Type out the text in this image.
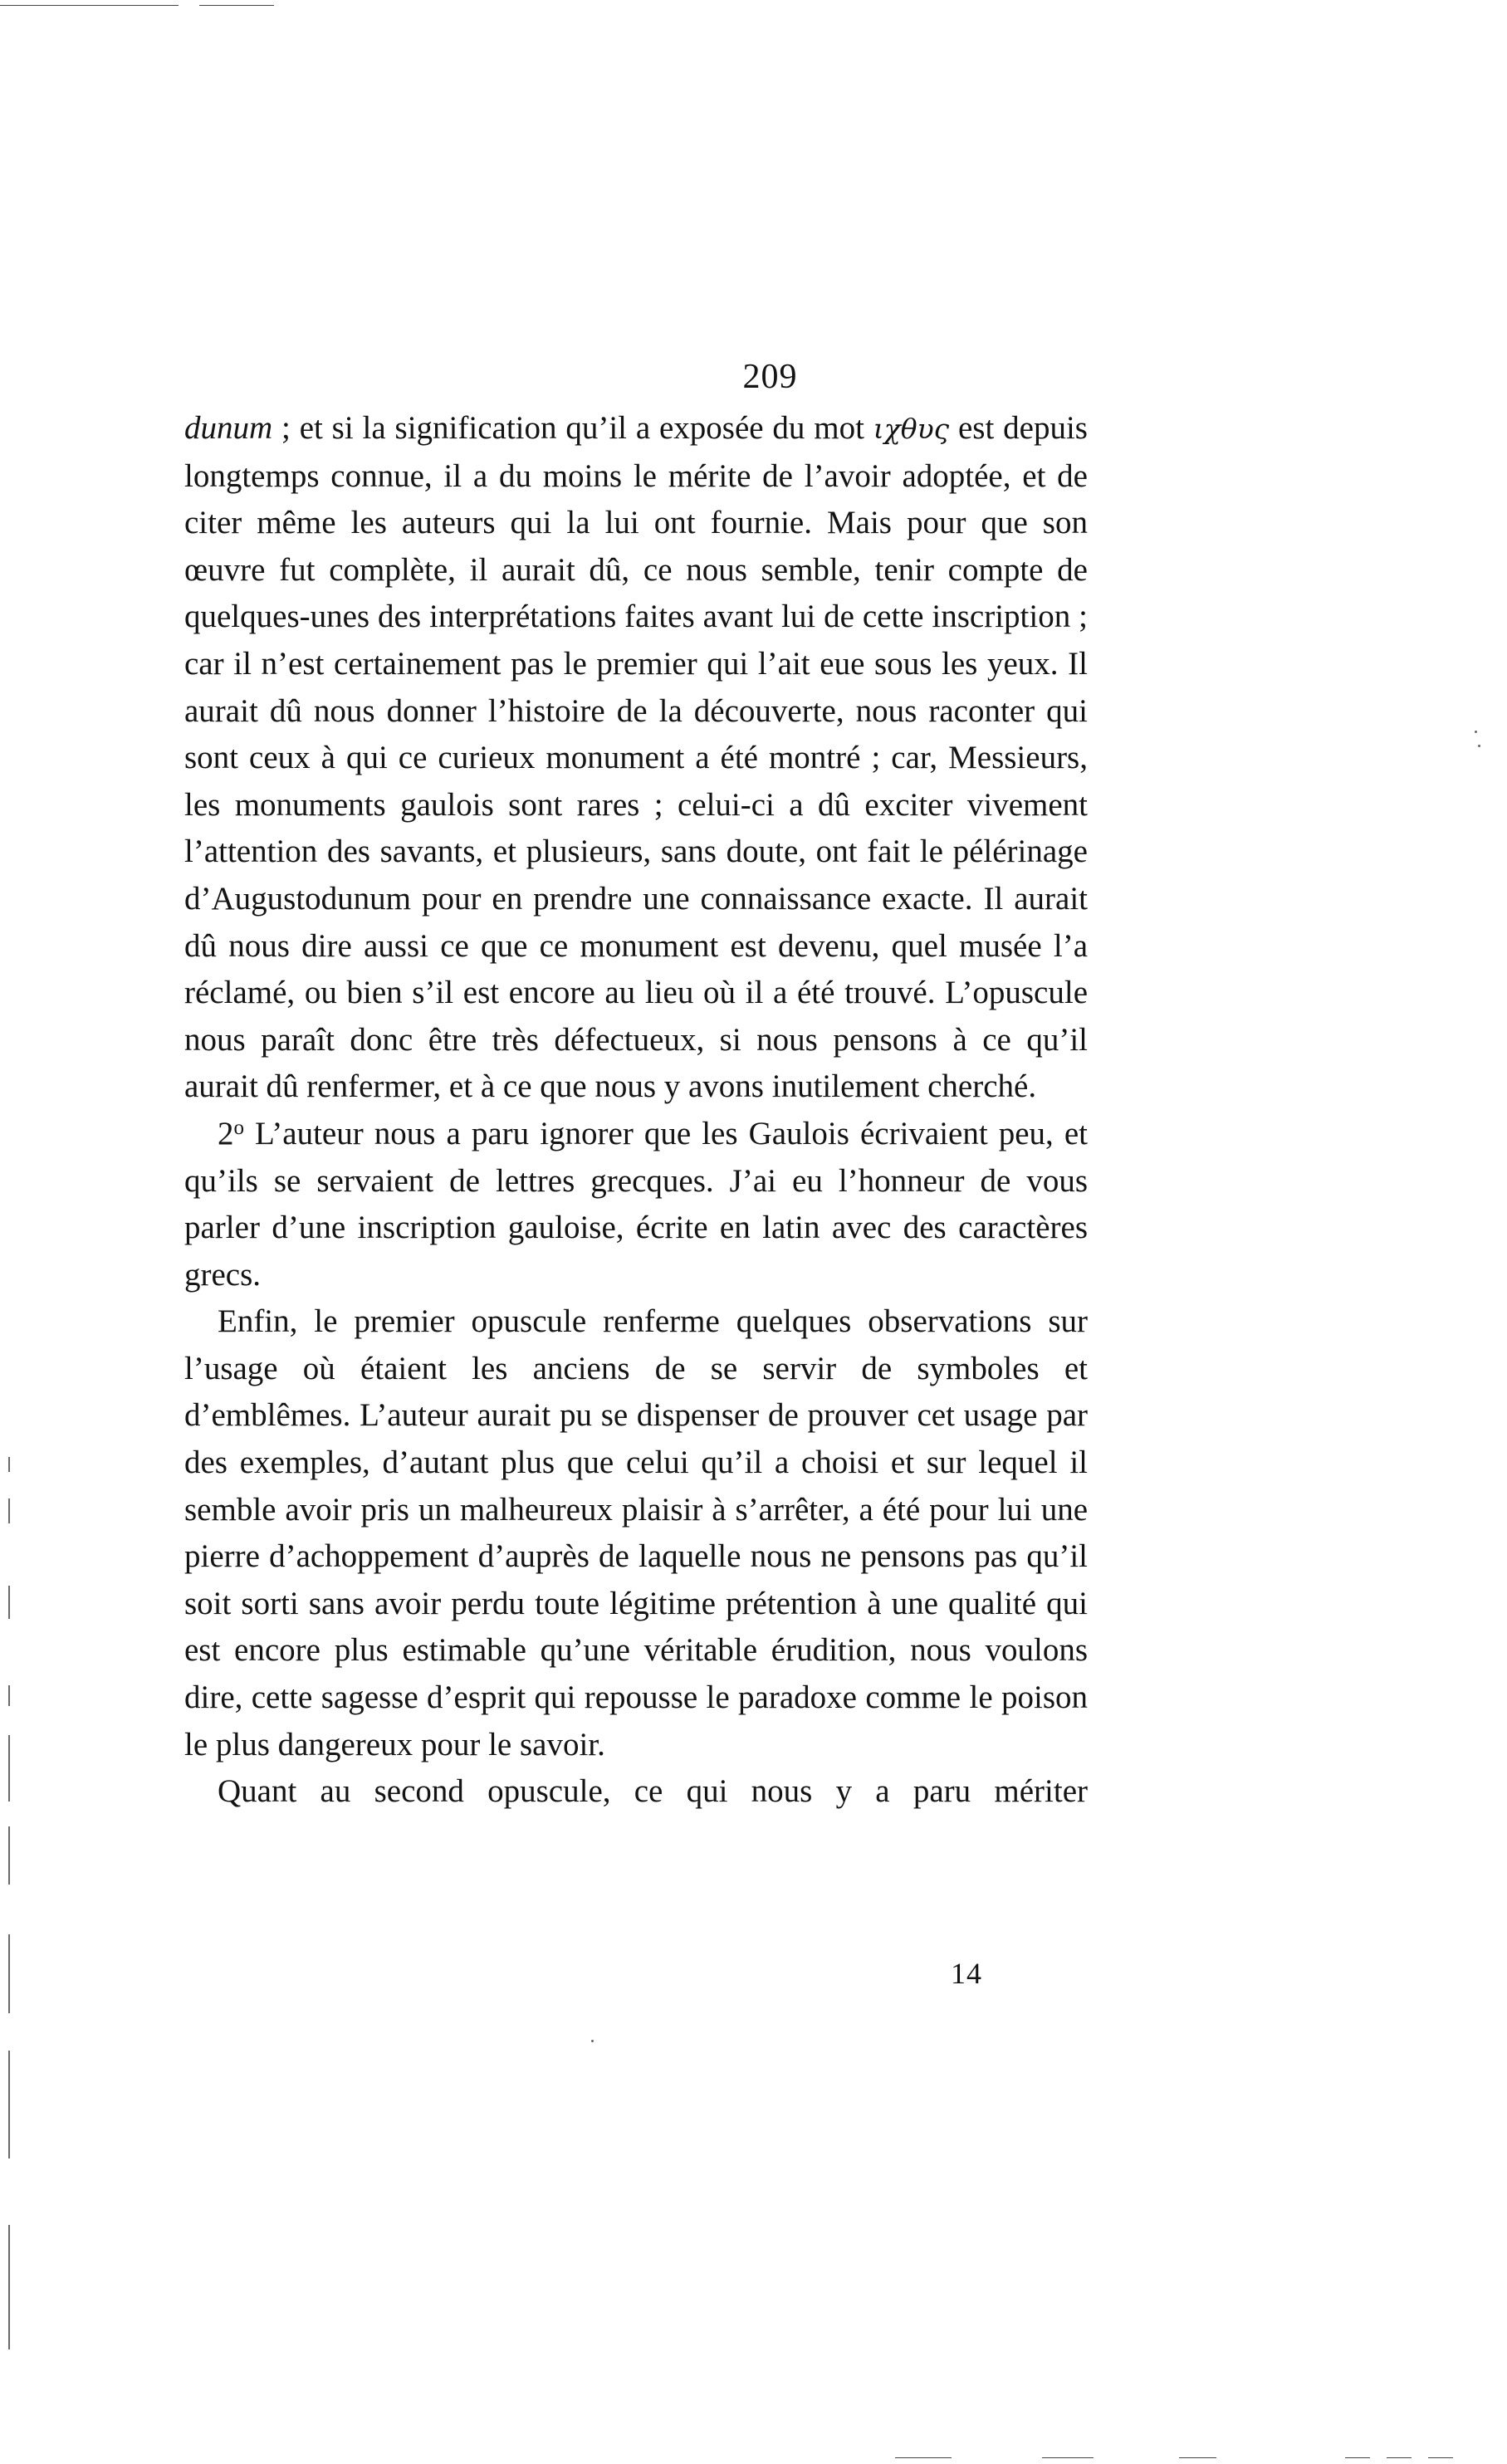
209

dunum ; et si la signification qu’il a exposée du mot ιχθυς est depuis longtemps connue, il a du moins le mérite de l’avoir adoptée, et de citer même les auteurs qui la lui ont fournie. Mais pour que son œuvre fut complète, il aurait dû, ce nous semble, tenir compte de quelques-unes des interprétations faites avant lui de cette inscription ; car il n’est certainement pas le premier qui l’ait eue sous les yeux. Il aurait dû nous donner l’histoire de la découverte, nous raconter qui sont ceux à qui ce curieux monument a été montré ; car, Messieurs, les monuments gaulois sont rares ; celui-ci a dû exciter vivement l’attention des savants, et plusieurs, sans doute, ont fait le pélérinage d’Augustodunum pour en prendre une connaissance exacte. Il aurait dû nous dire aussi ce que ce monument est devenu, quel musée l’a réclamé, ou bien s’il est encore au lieu où il a été trouvé. L’opuscule nous paraît donc être très défectueux, si nous pensons à ce qu’il aurait dû renfermer, et à ce que nous y avons inutilement cherché.

2$^o$ L’auteur nous a paru ignorer que les Gaulois écrivaient peu, et qu’ils se servaient de lettres grecques. J’ai eu l’honneur de vous parler d’une inscription gauloise, écrite en latin avec des caractères grecs.

Enfin, le premier opuscule renferme quelques observations sur l’usage où étaient les anciens de se servir de symboles et d’emblêmes. L’auteur aurait pu se dispenser de prouver cet usage par des exemples, d’autant plus que celui qu’il a choisi et sur lequel il semble avoir pris un malheureux plaisir à s’arrêter, a été pour lui une pierre d’achoppement d’auprès de laquelle nous ne pensons pas qu’il soit sorti sans avoir perdu toute légitime prétention à une qualité qui est encore plus estimable qu’une véritable érudition, nous voulons dire, cette sagesse d’esprit qui repousse le paradoxe comme le poison le plus dangereux pour le savoir.

Quant au second opuscule, ce qui nous y a paru mériter

14
